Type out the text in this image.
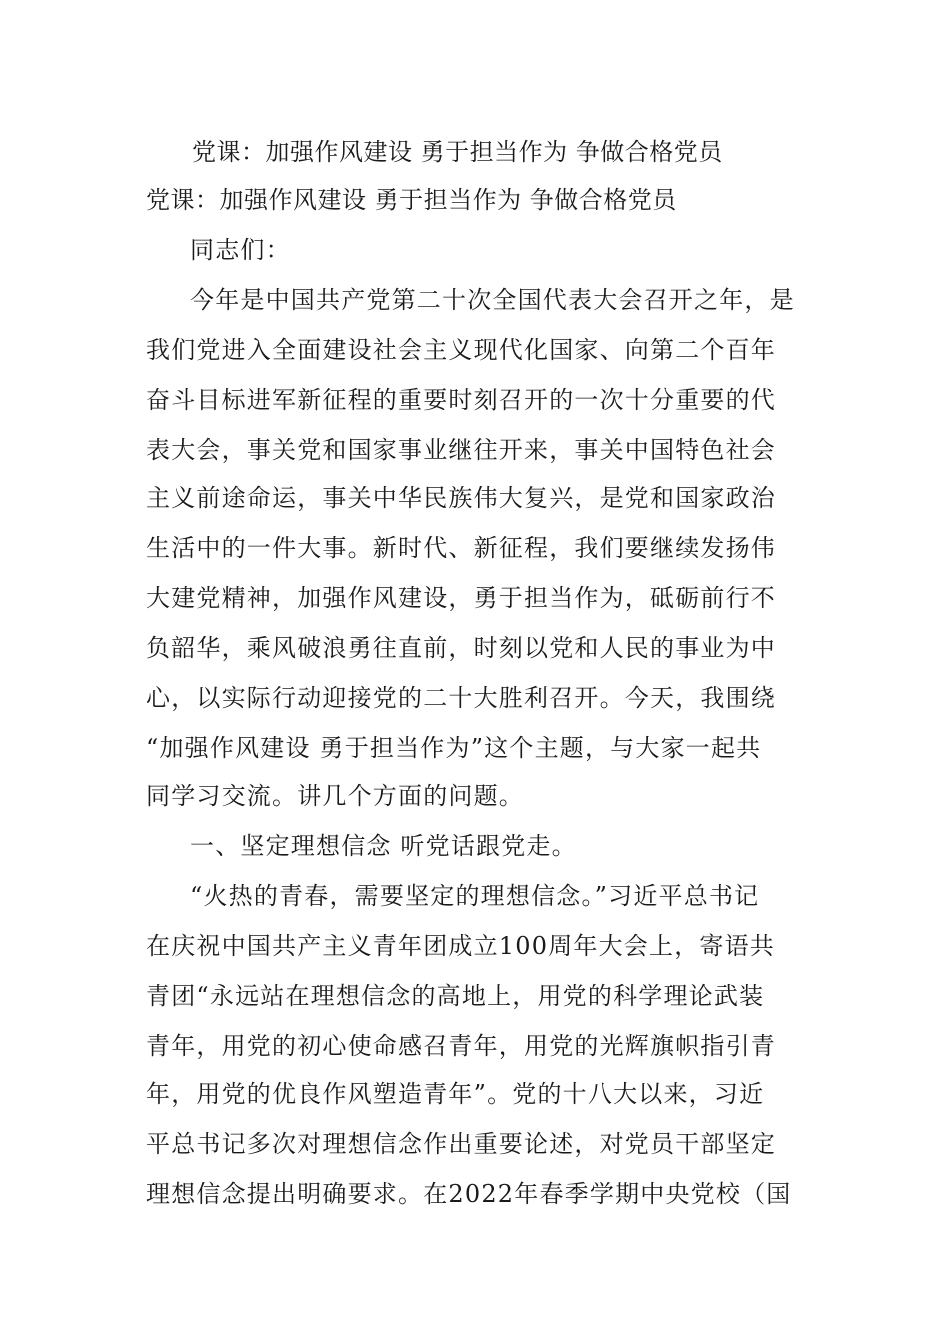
党课：加强作风建设 勇于担当作为 争做合格党员
党课：加强作风建设 勇于担当作为 争做合格党员
同志们：
今年是中国共产党第二十次全国代表大会召开之年，是
我们党进入全面建设社会主义现代化国家、向第二个百年
奋斗目标进军新征程的重要时刻召开的一次十分重要的代
表大会，事关党和国家事业继往开来，事关中国特色社会
主义前途命运，事关中华民族伟大复兴，是党和国家政治
生活中的一件大事。新时代、新征程，我们要继续发扬伟
大建党精神，加强作风建设，勇于担当作为，砥砺前行不
负韶华，乘风破浪勇往直前，时刻以党和人民的事业为中
心，以实际行动迎接党的二十大胜利召开。今天，我围绕
“加强作风建设 勇于担当作为”这个主题，与大家一起共
同学习交流。讲几个方面的问题。
一、坚定理想信念 听党话跟党走。
“火热的青春，需要坚定的理想信念。”习近平总书记
在庆祝中国共产主义青年团成立100周年大会上，寄语共
青团“永远站在理想信念的高地上，用党的科学理论武装
青年，用党的初心使命感召青年，用党的光辉旗帜指引青
年，用党的优良作风塑造青年”。党的十八大以来，习近
平总书记多次对理想信念作出重要论述，对党员干部坚定
理想信念提出明确要求。在2022年春季学期中央党校（国
